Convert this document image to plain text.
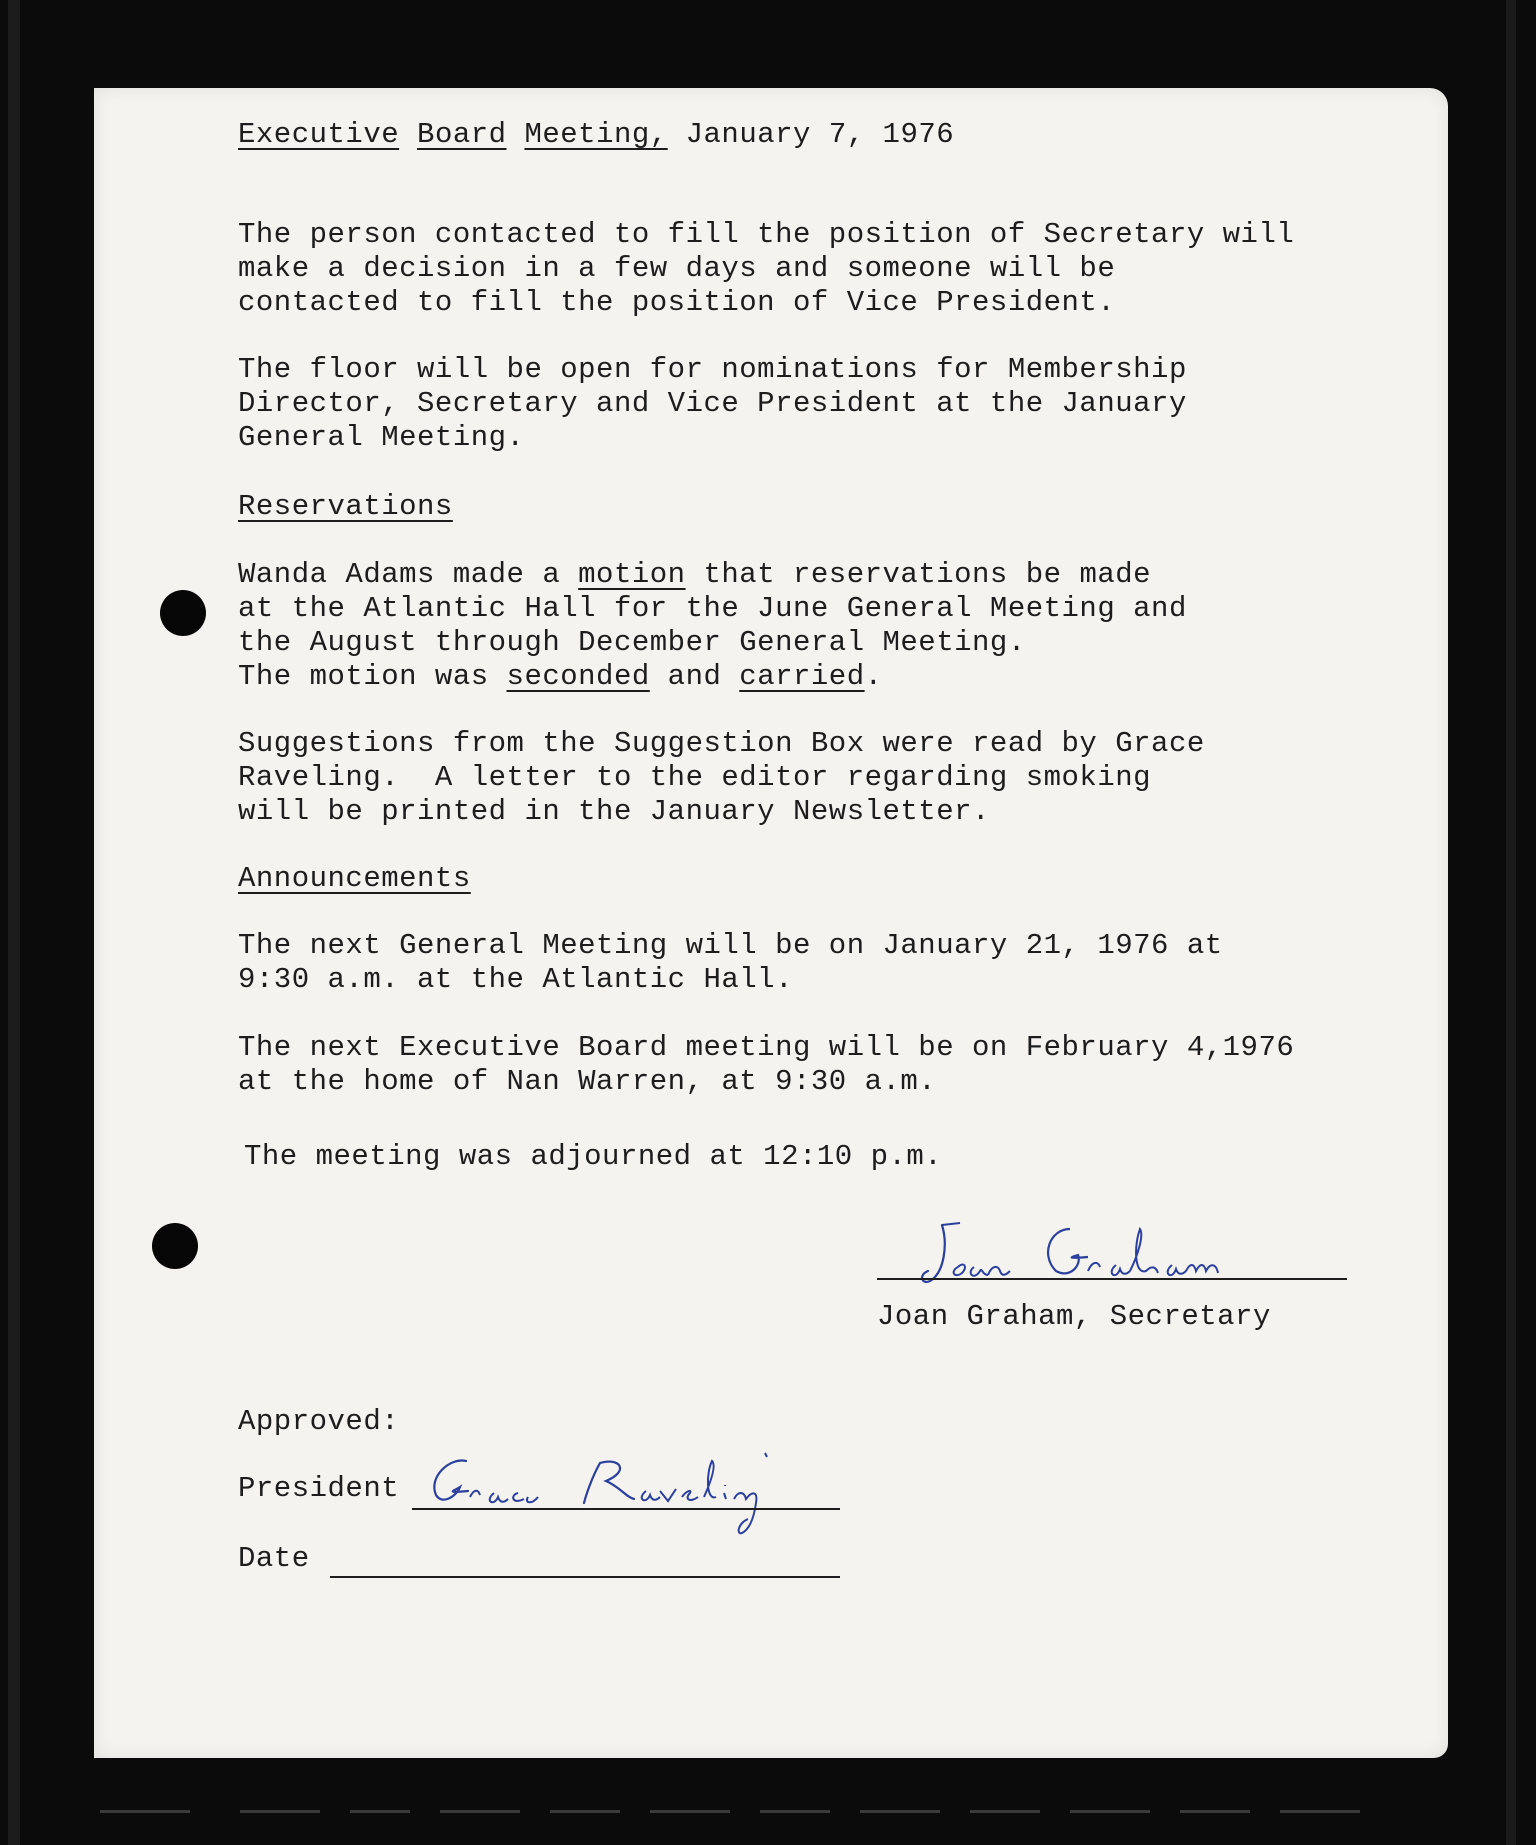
Executive Board Meeting, January 7, 1976

The person contacted to fill the position of Secretary will
make a decision in a few days and someone will be
contacted to fill the position of Vice President.

The floor will be open for nominations for Membership
Director, Secretary and Vice President at the January
General Meeting.

Reservations

Wanda Adams made a motion that reservations be made
at the Atlantic Hall for the June General Meeting and
the August through December General Meeting.
The motion was seconded and carried.

Suggestions from the Suggestion Box were read by Grace
Raveling.  A letter to the editor regarding smoking
will be printed in the January Newsletter.

Announcements

The next General Meeting will be on January 21, 1976 at
9:30 a.m. at the Atlantic Hall.

The next Executive Board meeting will be on February 4,1976
at the home of Nan Warren, at 9:30 a.m.

The meeting was adjourned at 12:10 p.m.

Joan Graham, Secretary
Approved:
President
Date
